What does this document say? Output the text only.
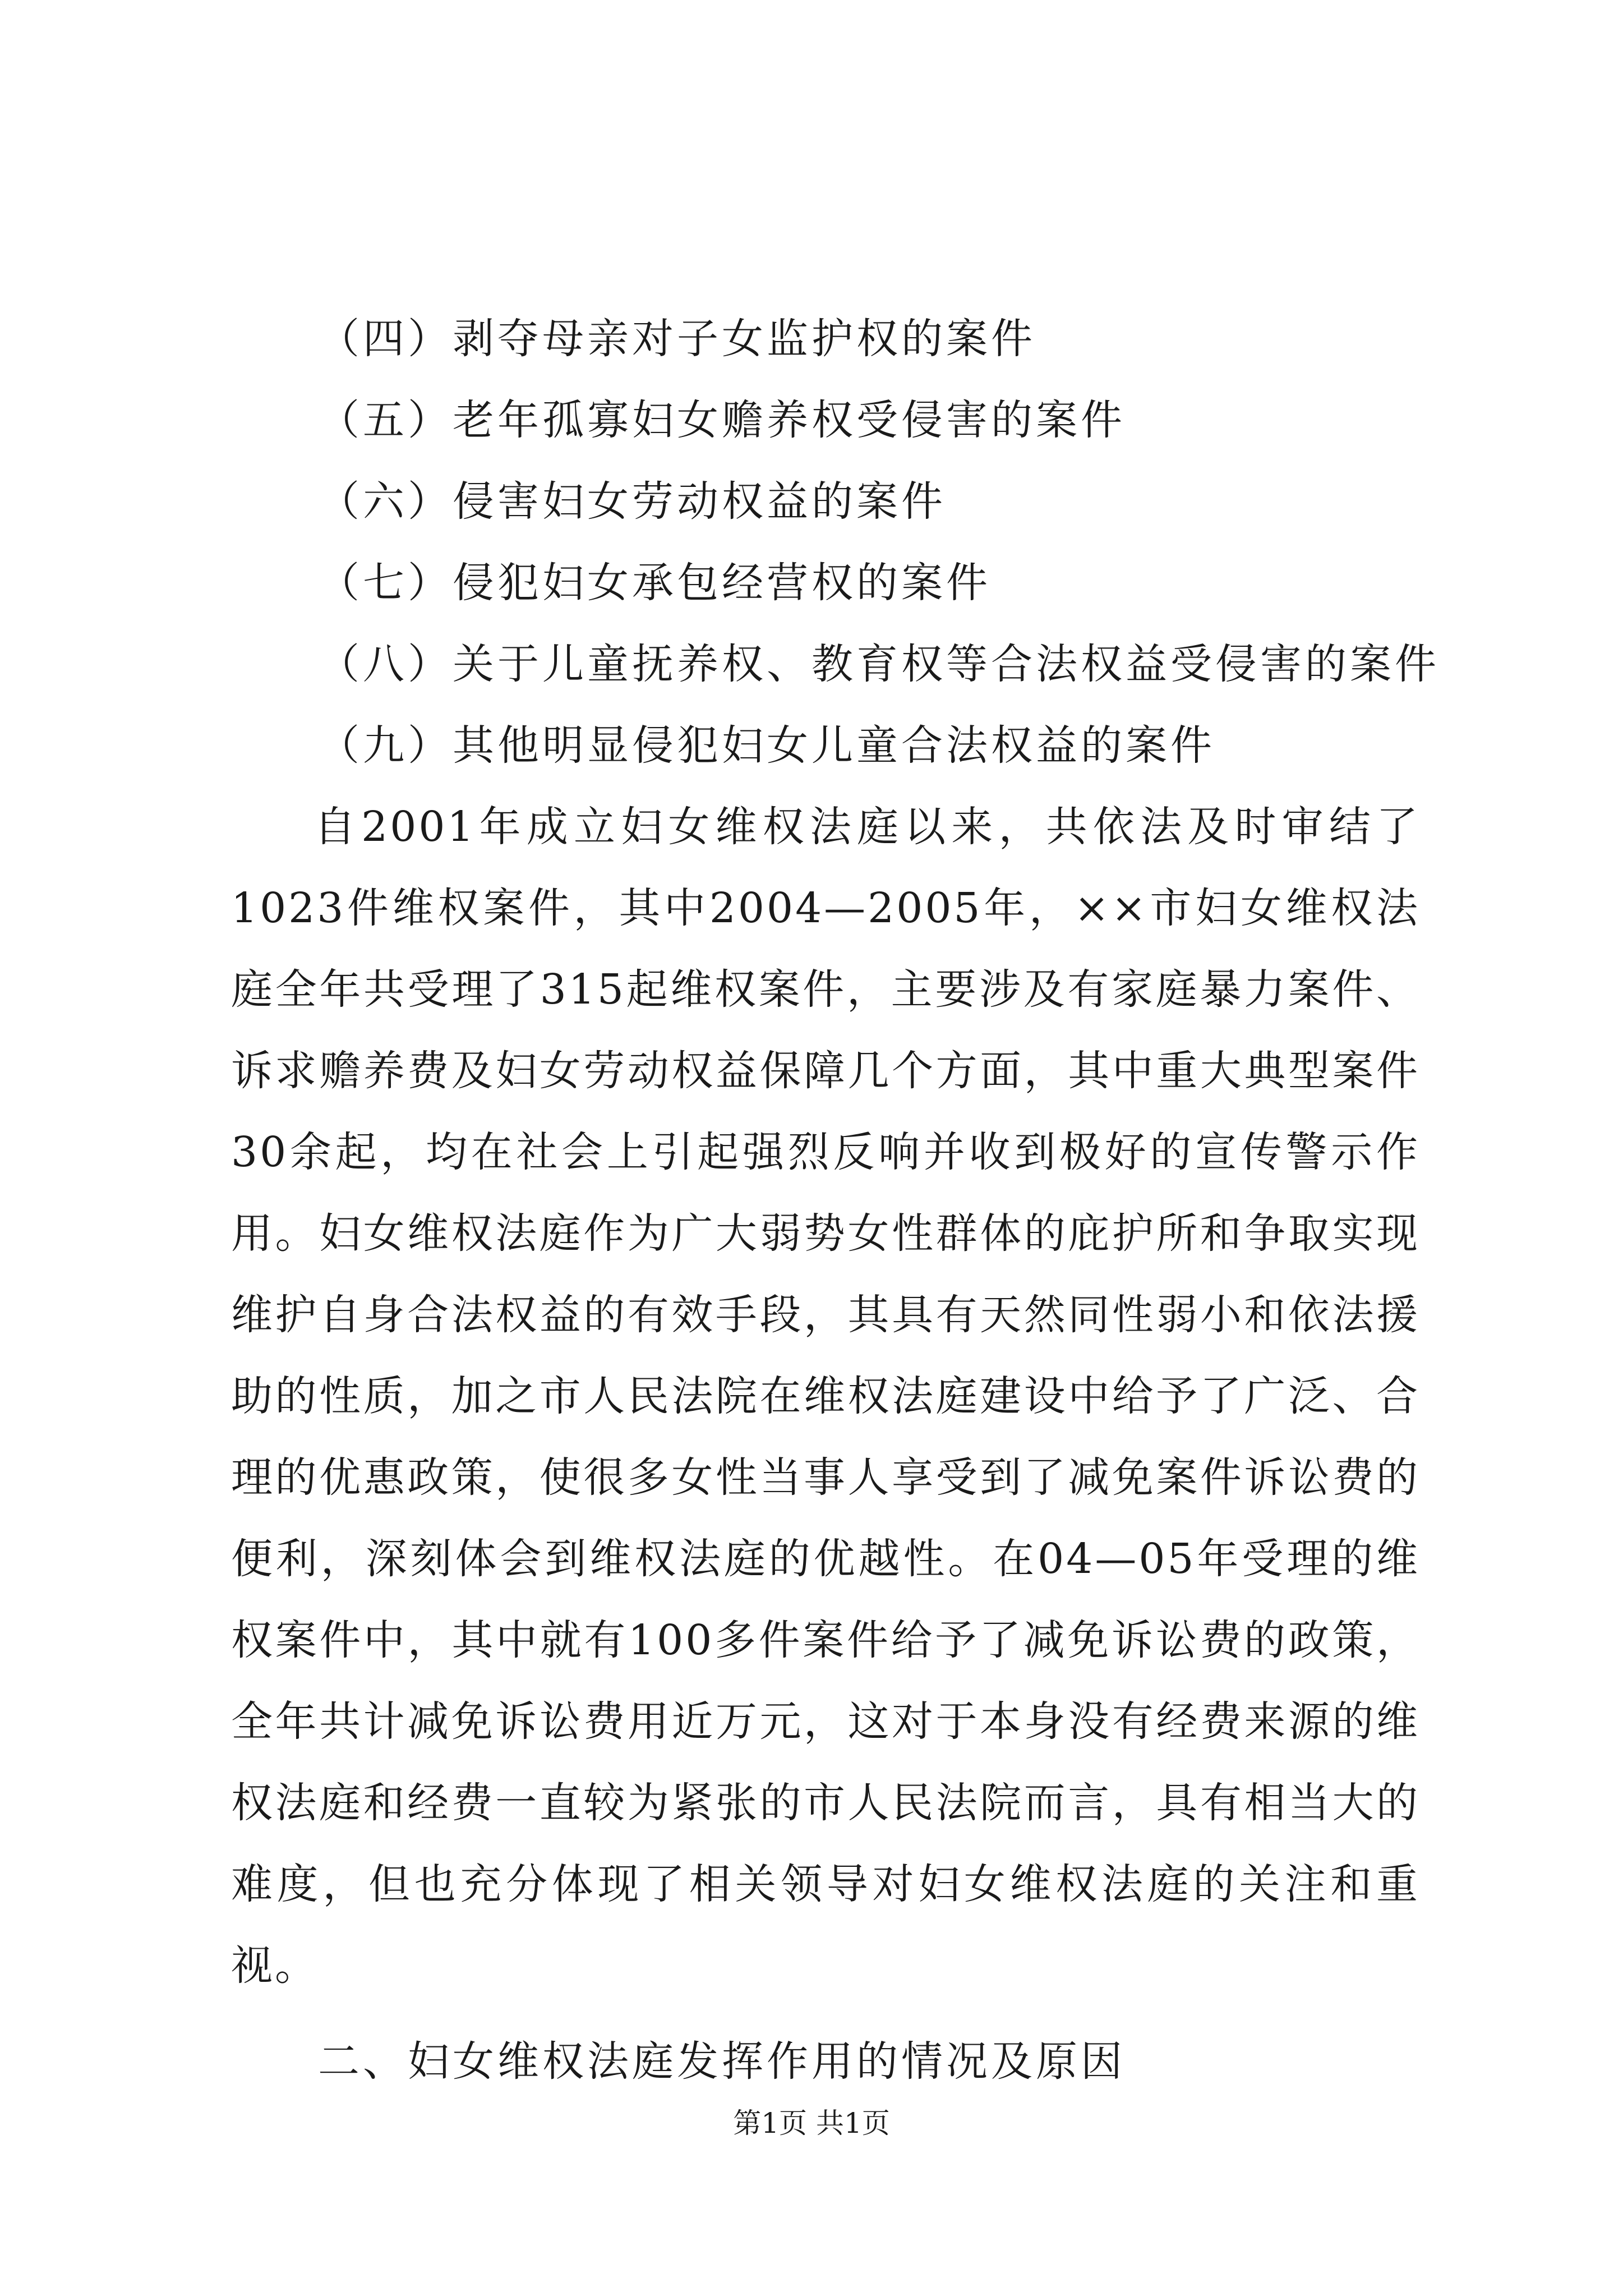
（四）剥夺母亲对子女监护权的案件
（五）老年孤寡妇女赡养权受侵害的案件
（六）侵害妇女劳动权益的案件
（七）侵犯妇女承包经营权的案件
（八）关于儿童抚养权、教育权等合法权益受侵害的案件
（九）其他明显侵犯妇女儿童合法权益的案件

自2001年成立妇女维权法庭以来，共依法及时审结了1023件维权案件，其中2004—2005年，××市妇女维权法庭全年共受理了315起维权案件，主要涉及有家庭暴力案件、诉求赡养费及妇女劳动权益保障几个方面，其中重大典型案件30余起，均在社会上引起强烈反响并收到极好的宣传警示作用。妇女维权法庭作为广大弱势女性群体的庇护所和争取实现维护自身合法权益的有效手段，其具有天然同性弱小和依法援助的性质，加之市人民法院在维权法庭建设中给予了广泛、合理的优惠政策，使很多女性当事人享受到了减免案件诉讼费的便利，深刻体会到维权法庭的优越性。在04—05年受理的维权案件中，其中就有100多件案件给予了减免诉讼费的政策，全年共计减免诉讼费用近万元，这对于本身没有经费来源的维权法庭和经费一直较为紧张的市人民法院而言，具有相当大的难度，但也充分体现了相关领导对妇女维权法庭的关注和重视。

二、妇女维权法庭发挥作用的情况及原因
第1页 共1页
